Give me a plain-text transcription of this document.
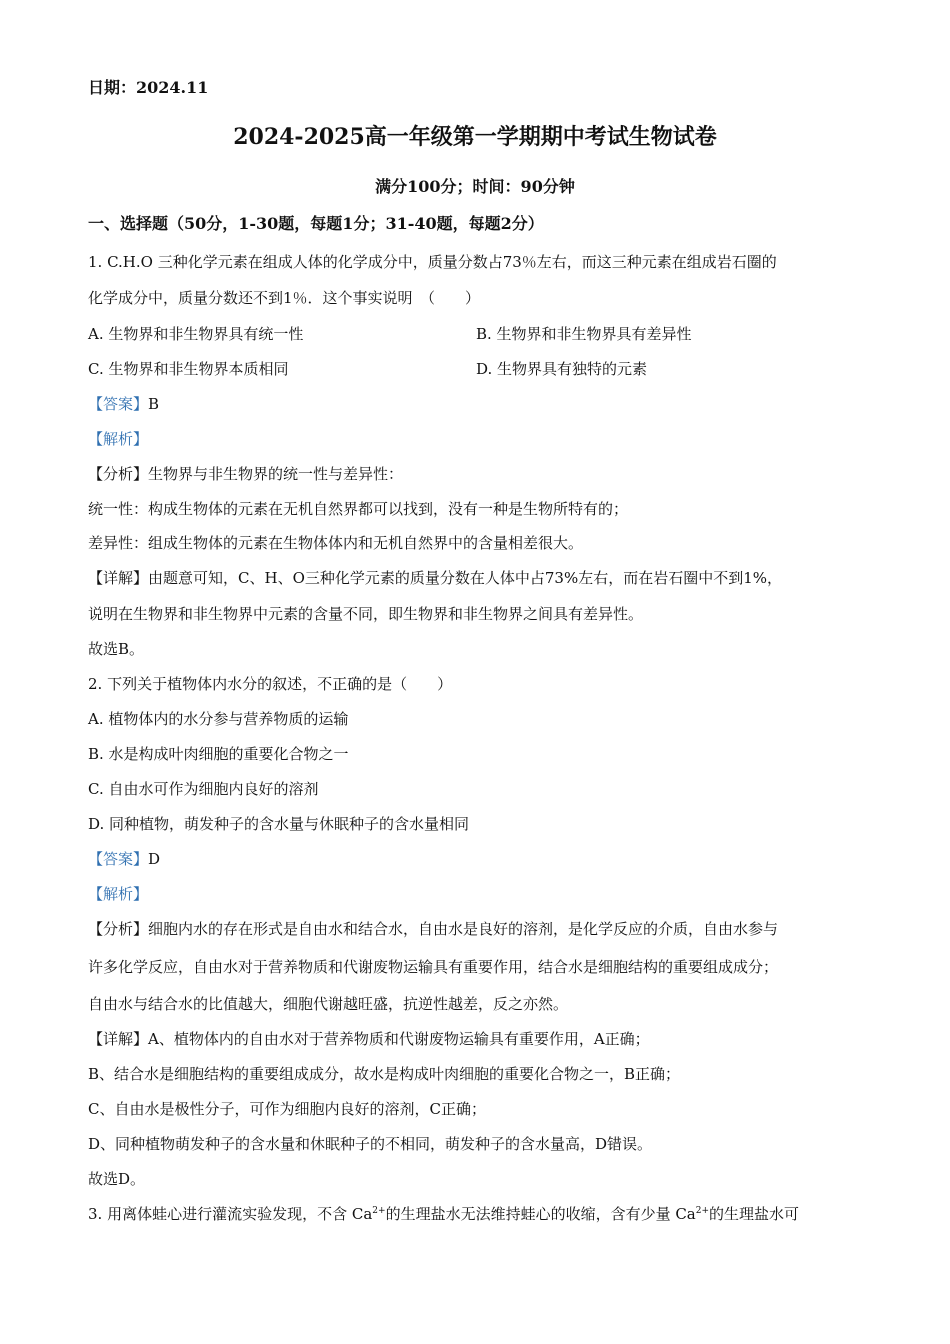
日期：2024.11
2024-2025高一年级第一学期期中考试生物试卷
满分100分；时间：90分钟
一、选择题（50分，1-30题，每题1分；31-40题，每题2分）
1. C.H.O 三种化学元素在组成人体的化学成分中，质量分数占73％左右，而这三种元素在组成岩石圈的
化学成分中，质量分数还不到1％．这个事实说明　（　　）
A. 生物界和非生物界具有统一性	B. 生物界和非生物界具有差异性
C. 生物界和非生物界本质相同	D. 生物界具有独特的元素
【答案】B
【解析】
【分析】生物界与非生物界的统一性与差异性：
统一性：构成生物体的元素在无机自然界都可以找到，没有一种是生物所特有的；
差异性：组成生物体的元素在生物体体内和无机自然界中的含量相差很大。
【详解】由题意可知，C、H、O三种化学元素的质量分数在人体中占73%左右，而在岩石圈中不到1%，
说明在生物界和非生物界中元素的含量不同，即生物界和非生物界之间具有差异性。
故选B。
2. 下列关于植物体内水分的叙述，不正确的是（　　）
A. 植物体内的水分参与营养物质的运输
B. 水是构成叶肉细胞的重要化合物之一
C. 自由水可作为细胞内良好的溶剂
D. 同种植物，萌发种子的含水量与休眠种子的含水量相同
【答案】D
【解析】
【分析】细胞内水的存在形式是自由水和结合水，自由水是良好的溶剂，是化学反应的介质，自由水参与
许多化学反应，自由水对于营养物质和代谢废物运输具有重要作用，结合水是细胞结构的重要组成成分；
自由水与结合水的比值越大，细胞代谢越旺盛，抗逆性越差，反之亦然。
【详解】A、植物体内的自由水对于营养物质和代谢废物运输具有重要作用，A正确；
B、结合水是细胞结构的重要组成成分，故水是构成叶肉细胞的重要化合物之一，B正确；
C、自由水是极性分子，可作为细胞内良好的溶剂，C正确；
D、同种植物萌发种子的含水量和休眠种子的不相同，萌发种子的含水量高，D错误。
故选D。
3. 用离体蛙心进行灌流实验发现，不含 $Ca^{2+}$的生理盐水无法维持蛙心的收缩，含有少量 $Ca^{2+}$的生理盐水可
